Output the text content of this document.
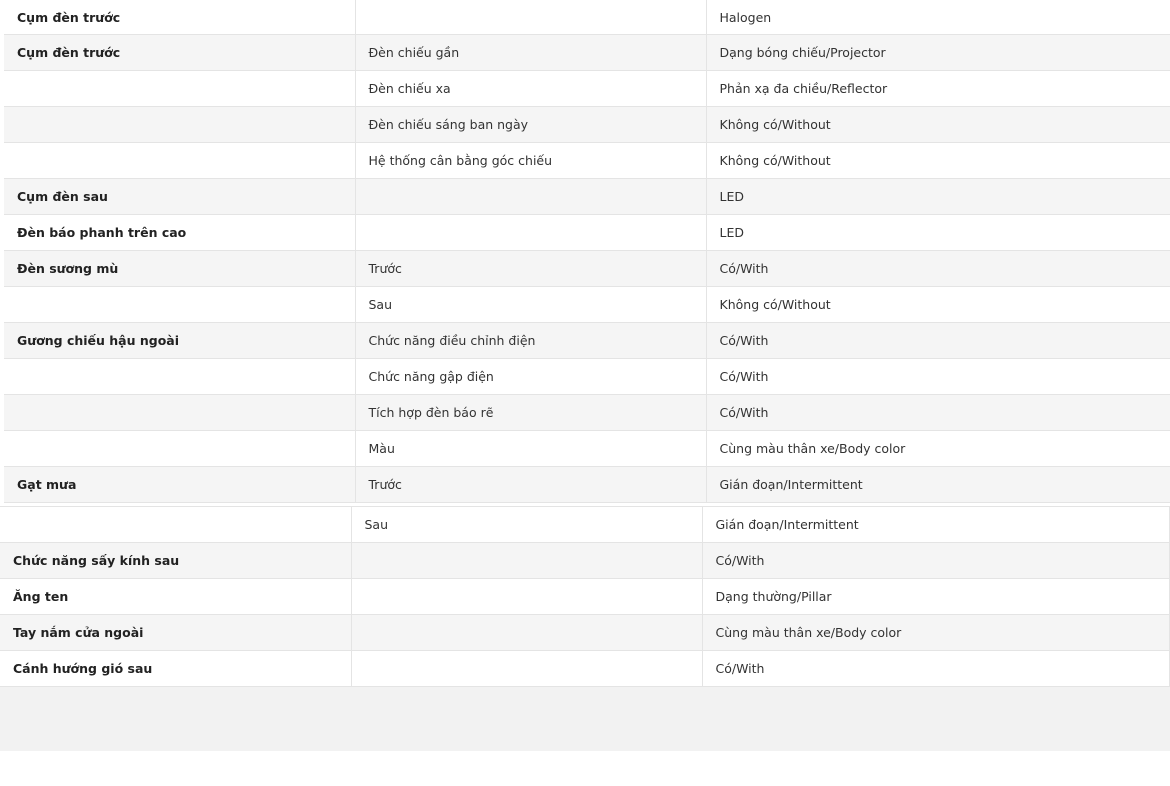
Cụm đèn trước		Halogen
Cụm đèn trước	Đèn chiếu gần	Dạng bóng chiếu/Projector
	Đèn chiếu xa	Phản xạ đa chiều/Reflector
	Đèn chiếu sáng ban ngày	Không có/Without
	Hệ thống cân bằng góc chiếu	Không có/Without
Cụm đèn sau		LED
Đèn báo phanh trên cao		LED
Đèn sương mù	Trước	Có/With
	Sau	Không có/Without
Gương chiếu hậu ngoài	Chức năng điều chỉnh điện	Có/With
	Chức năng gập điện	Có/With
	Tích hợp đèn báo rẽ	Có/With
	Màu	Cùng màu thân xe/Body color
Gạt mưa	Trước	Gián đoạn/Intermittent
	Sau	Gián đoạn/Intermittent
Chức năng sấy kính sau		Có/With
Ăng ten		Dạng thường/Pillar
Tay nắm cửa ngoài		Cùng màu thân xe/Body color
Cánh hướng gió sau		Có/With
